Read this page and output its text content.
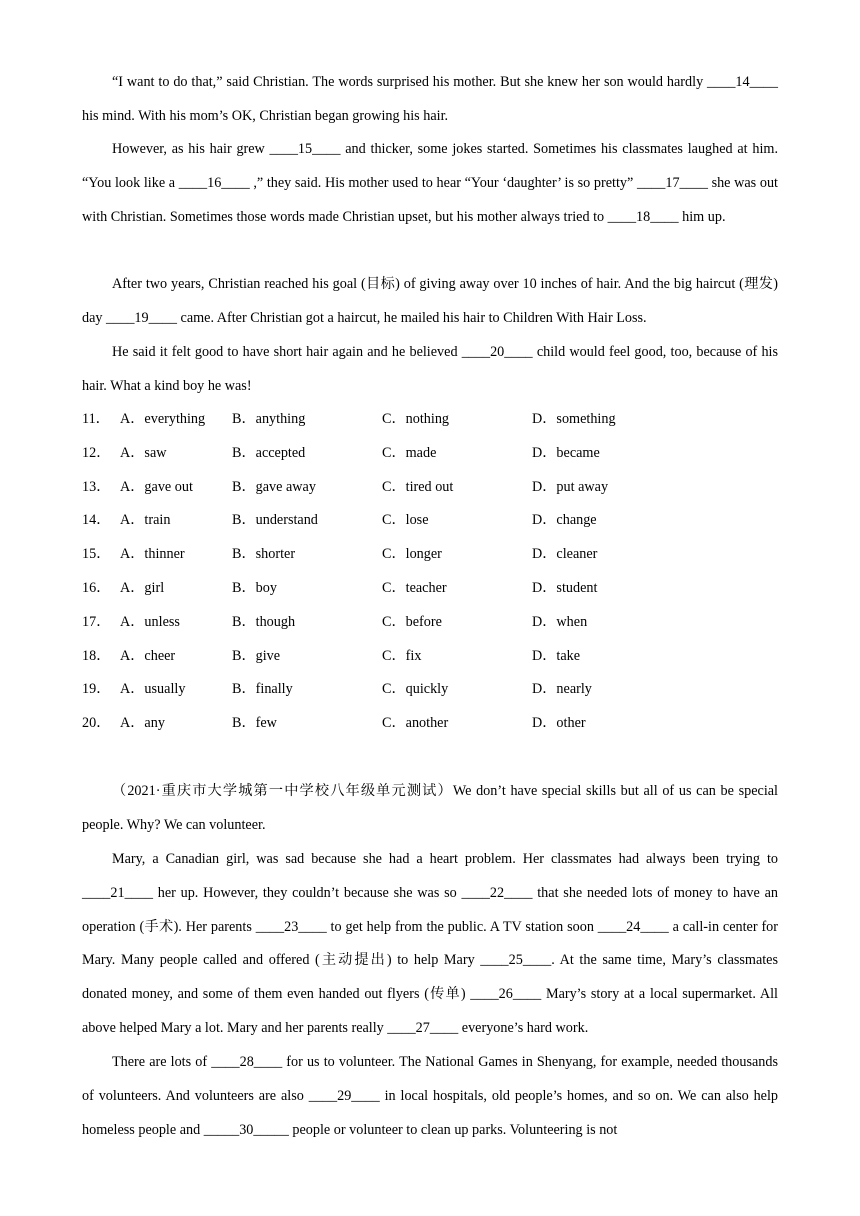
“I want to do that,” said Christian. The words surprised his mother. But she knew her son would hardly ____14____ his mind. With his mom’s OK, Christian began growing his hair.

However, as his hair grew ____15____ and thicker, some jokes started. Sometimes his classmates laughed at him. “You look like a ____16____ ,” they said. His mother used to hear “Your ‘daughter’ is so pretty” ____17____ she was out with Christian. Sometimes those words made Christian upset, but his mother always tried to ____18____ him up.

After two years, Christian reached his goal (目标) of giving away over 10 inches of hair. And the big haircut (理发) day ____19____ came. After Christian got a haircut, he mailed his hair to Children With Hair Loss.

He said it felt good to have short hair again and he believed ____20____ child would feel good, too, because of his hair. What a kind boy he was!

11． A．everything B．anything	C．nothing	D．something
12． A．saw	B．accepted	C．made	D．became
13． A．gave out	B．gave away	C．tired out	D．put away
14． A．train	B．understand	C．lose	D．change
15． A．thinner	B．shorter	C．longer	D．cleaner
16． A．girl	B．boy	C．teacher	D．student
17． A．unless	B．though	C．before	D．when
18． A．cheer	B．give	C．fix	D．take
19． A．usually	B．finally	C．quickly	D．nearly
20． A．any	B．few	C．another	D．other

（2021·重庆市大学城第一中学校八年级单元测试）We don’t have special skills but all of us can be special people. Why? We can volunteer.

Mary, a Canadian girl, was sad because she had a heart problem. Her classmates had always been trying to ____21____ her up. However, they couldn’t because she was so ____22____ that she needed lots of money to have an operation (手术). Her parents ____23____ to get help from the public. A TV station soon ____24____ a call-in center for Mary. Many people called and offered (主动提出) to help Mary ____25____. At the same time, Mary’s classmates donated money, and some of them even handed out flyers (传单) ____26____ Mary’s story at a local supermarket. All above helped Mary a lot. Mary and her parents really ____27____ everyone’s hard work.

There are lots of ____28____ for us to volunteer. The National Games in Shenyang, for example, needed thousands of volunteers. And volunteers are also ____29____ in local hospitals, old people’s homes, and so on. We can also help homeless people and _____30_____ people or volunteer to clean up parks. Volunteering is not
